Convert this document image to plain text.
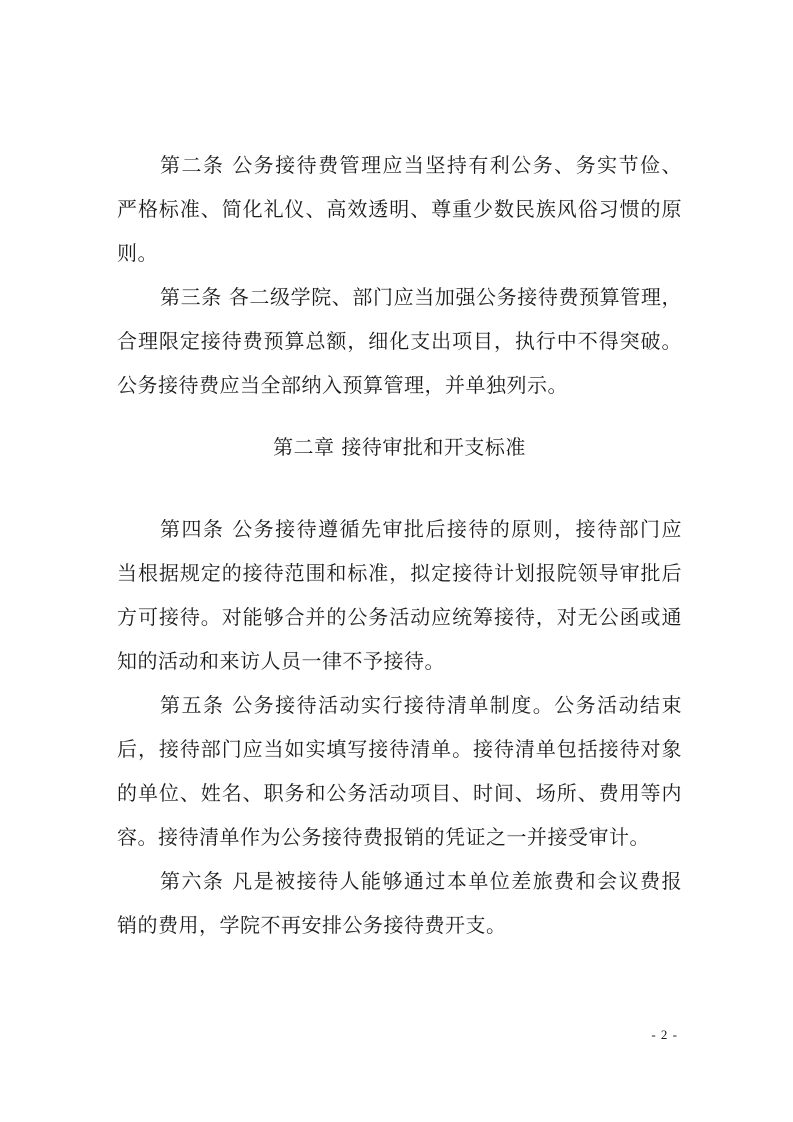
第二条 公务接待费管理应当坚持有利公务、务实节俭、
严格标准、简化礼仪、高效透明、尊重少数民族风俗习惯的原
则。
第三条 各二级学院、部门应当加强公务接待费预算管理，
合理限定接待费预算总额，细化支出项目，执行中不得突破。
公务接待费应当全部纳入预算管理，并单独列示。
第二章 接待审批和开支标准
第四条 公务接待遵循先审批后接待的原则，接待部门应
当根据规定的接待范围和标准，拟定接待计划报院领导审批后
方可接待。对能够合并的公务活动应统筹接待，对无公函或通
知的活动和来访人员一律不予接待。
第五条 公务接待活动实行接待清单制度。公务活动结束
后，接待部门应当如实填写接待清单。接待清单包括接待对象
的单位、姓名、职务和公务活动项目、时间、场所、费用等内
容。接待清单作为公务接待费报销的凭证之一并接受审计。
第六条 凡是被接待人能够通过本单位差旅费和会议费报
销的费用，学院不再安排公务接待费开支。
- 2 -
